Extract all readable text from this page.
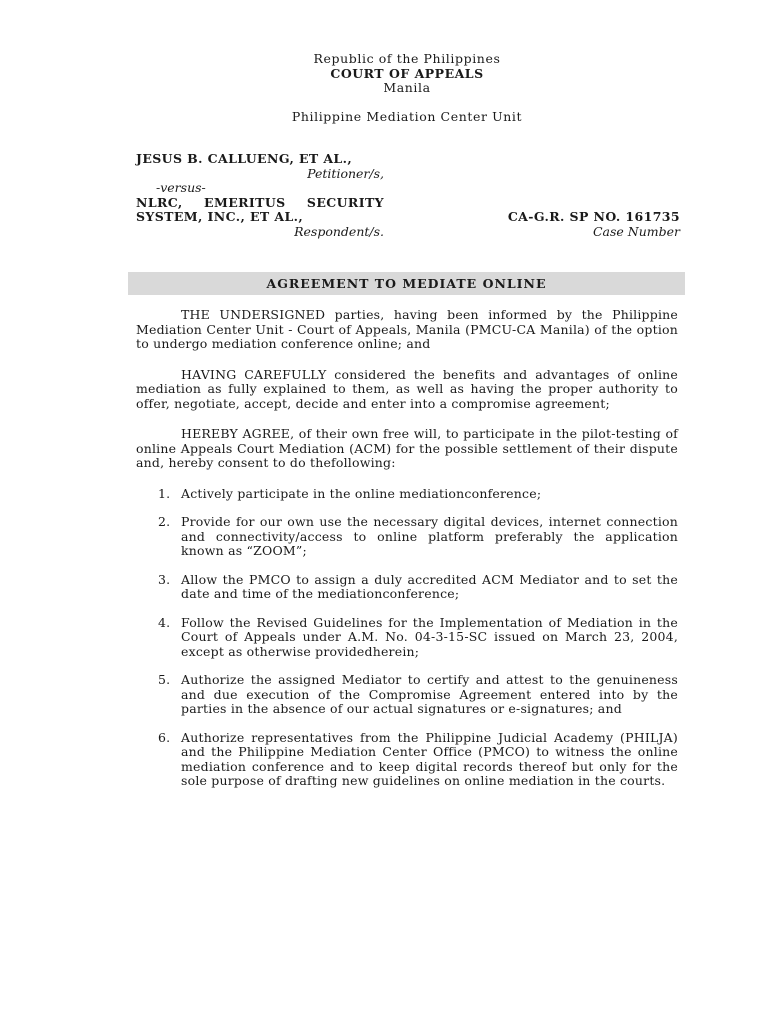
Republic of the Philippines
COURT OF APPEALS
Manila
Philippine Mediation Center Unit
JESUS B. CALLUENG, ET AL.,
Petitioner/s,
-versus-
NLRC, EMERITUS SECURITY
SYSTEM, INC., ET AL.,
Respondent/s.
CA-G.R. SP NO. 161735
Case Number
AGREEMENT TO MEDIATE ONLINE

THE UNDERSIGNED parties, having been informed by the Philippine Mediation Center Unit - Court of Appeals, Manila (PMCU-CA Manila) of the option to undergo mediation conference online; and

HAVING CAREFULLY considered the benefits and advantages of online mediation as fully explained to them, as well as having the proper authority to offer, negotiate, accept, decide and enter into a compromise agreement;

HEREBY AGREE, of their own free will, to participate in the pilot-testing of online Appeals Court Mediation (ACM) for the possible settlement of their dispute and, hereby consent to do thefollowing:

1. Actively participate in the online mediationconference;
2. Provide for our own use the necessary digital devices, internet connection and connectivity/access to online platform preferably the application known as “ZOOM”;
3. Allow the PMCO to assign a duly accredited ACM Mediator and to set the date and time of the mediationconference;
4. Follow the Revised Guidelines for the Implementation of Mediation in the Court of Appeals under A.M. No. 04-3-15-SC issued on March 23, 2004, except as otherwise providedherein;
5. Authorize the assigned Mediator to certify and attest to the genuineness and due execution of the Compromise Agreement entered into by the parties in the absence of our actual signatures or e-signatures; and
6. Authorize representatives from the Philippine Judicial Academy (PHILJA) and the Philippine Mediation Center Office (PMCO) to witness the online mediation conference and to keep digital records thereof but only for the sole purpose of drafting new guidelines on online mediation in the courts.
